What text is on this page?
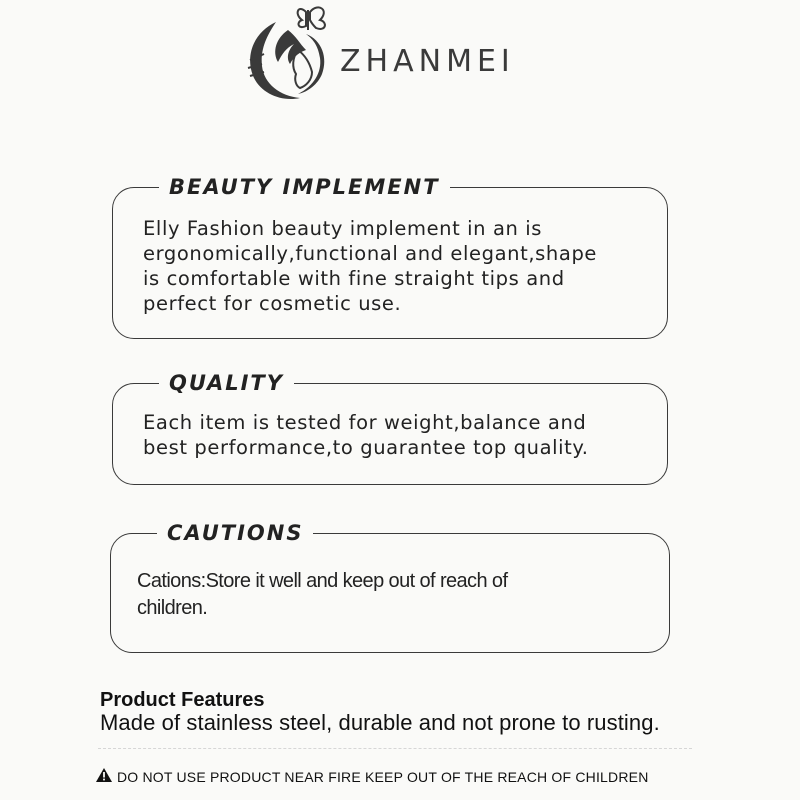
ZHANMEI
BEAUTY IMPLEMENT
Elly Fashion beauty implement in an is
ergonomically,functional and elegant,shape
is comfortable with fine straight tips and
perfect for cosmetic use.
QUALITY
Each item is tested for weight,balance and
best performance,to guarantee top quality.
CAUTIONS
Cations:Store it well and keep out of reach of
children.
Product Features
Made of stainless steel, durable and not prone to rusting.
DO NOT USE PRODUCT NEAR FIRE KEEP OUT OF THE REACH OF CHILDREN
